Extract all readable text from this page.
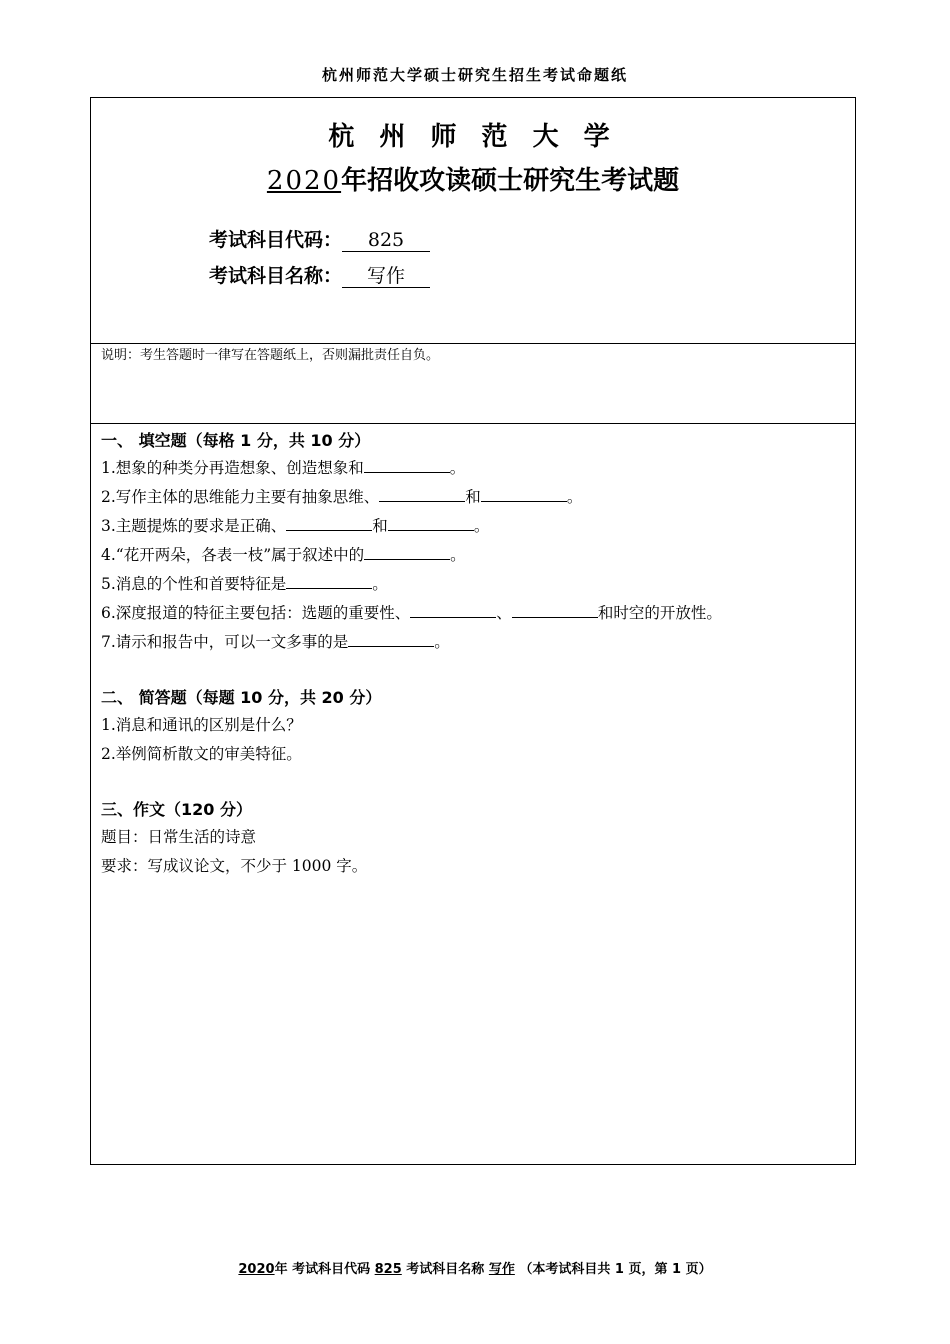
杭州师范大学硕士研究生招生考试命题纸
杭 州 师 范 大 学
2020年招收攻读硕士研究生考试题
考试科目代码： 825
考试科目名称： 写作
说明：考生答题时一律写在答题纸上，否则漏批责任自负。
一、 填空题（每格 1 分，共 10 分）
1.想象的种类分再造想象、创造想象和	。
2.写作主体的思维能力主要有抽象思维、	和	。
3.主题提炼的要求是正确、	和	。
4.“花开两朵，各表一枝”属于叙述中的	。
5.消息的个性和首要特征是	。
6.深度报道的特征主要包括：选题的重要性、	、	和时空的开放性。
7.请示和报告中，可以一文多事的是	。
二、 简答题（每题 10 分，共 20 分）
1.消息和通讯的区别是什么？
2.举例简析散文的审美特征。
三、作文（120 分）
题目：日常生活的诗意
要求：写成议论文，不少于 1000 字。
2020年 考试科目代码 825 考试科目名称 写作 （本考试科目共 1 页，第 1 页）
